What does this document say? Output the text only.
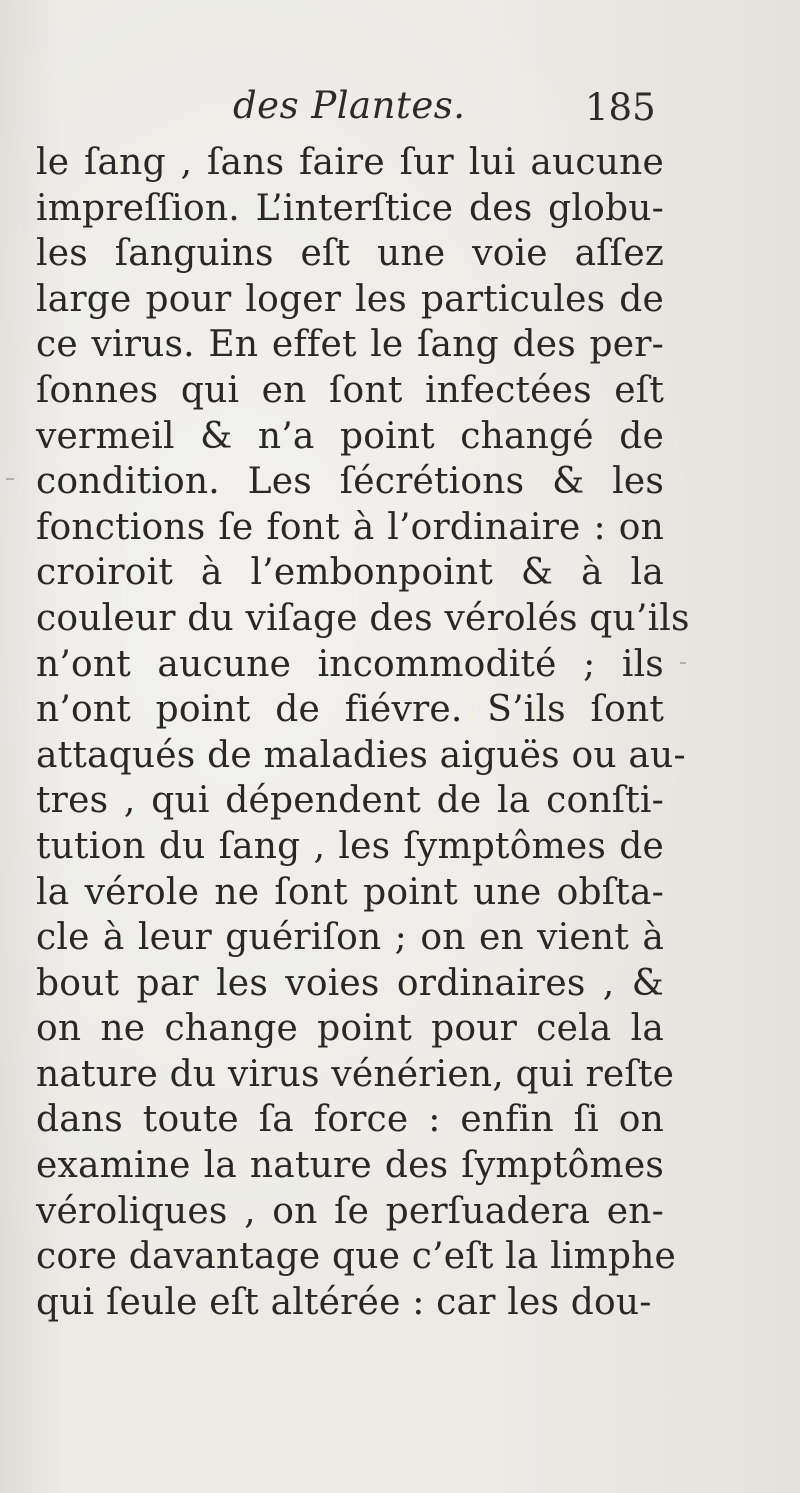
des Plantes.	185
le ſang , ſans faire ſur lui aucune
impreſſion. L’interſtice des globu-
les ſanguins eſt une voie aſſez
large pour loger les particules de
ce virus. En effet le ſang des per-
ſonnes qui en ſont infectées eſt
vermeil & n’a point changé de
condition. Les ſécrétions & les
fonctions ſe font à l’ordinaire : on
croiroit à l’embonpoint & à la
couleur du viſage des vérolés qu’ils
n’ont aucune incommodité ; ils
n’ont point de fiévre. S’ils ſont
attaqués de maladies aiguës ou au-
tres , qui dépendent de la conſti-
tution du ſang , les ſymptômes de
la vérole ne ſont point une obſta-
cle à leur guériſon ; on en vient à
bout par les voies ordinaires , &
on ne change point pour cela la
nature du virus vénérien, qui reſte
dans toute ſa force : enfin ſi on
examine la nature des ſymptômes
véroliques , on ſe perſuadera en-
core davantage que c’eſt la limphe
qui ſeule eſt altérée : car les dou-
